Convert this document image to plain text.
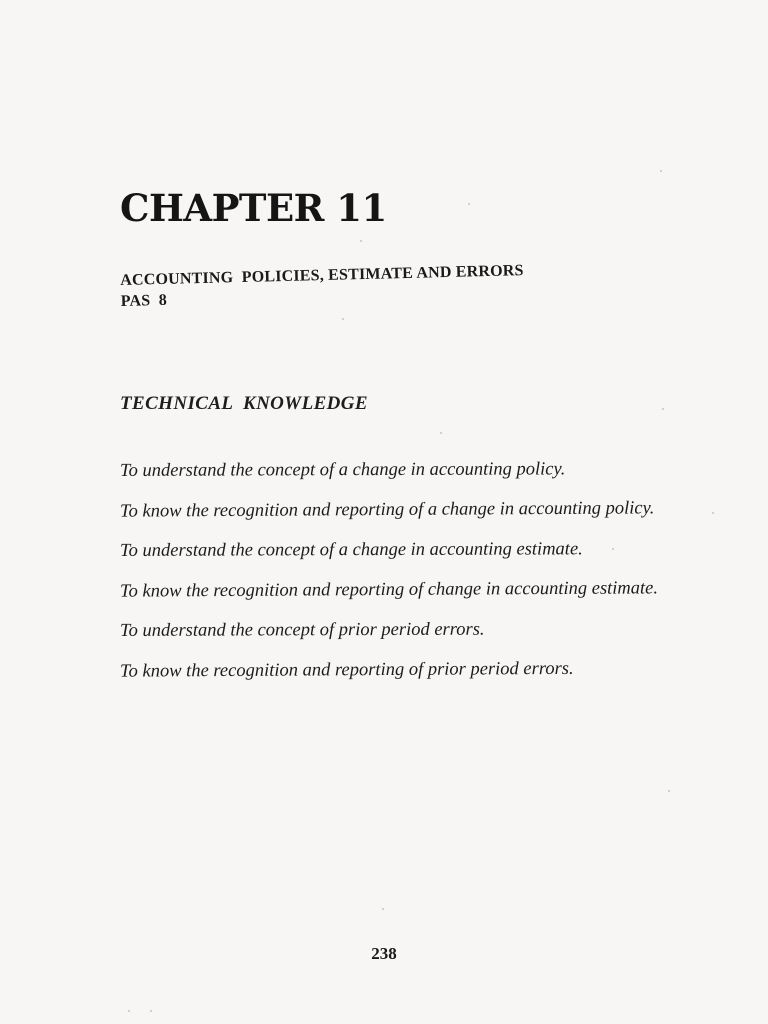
CHAPTER 11
ACCOUNTING  POLICIES, ESTIMATE AND ERRORS
PAS  8
TECHNICAL  KNOWLEDGE
To understand the concept of a change in accounting policy.
To know the recognition and reporting of a change in accounting policy.
To understand the concept of a change in accounting estimate.
To know the recognition and reporting of change in accounting estimate.
To understand the concept of prior period errors.
To know the recognition and reporting of prior period errors.

238
